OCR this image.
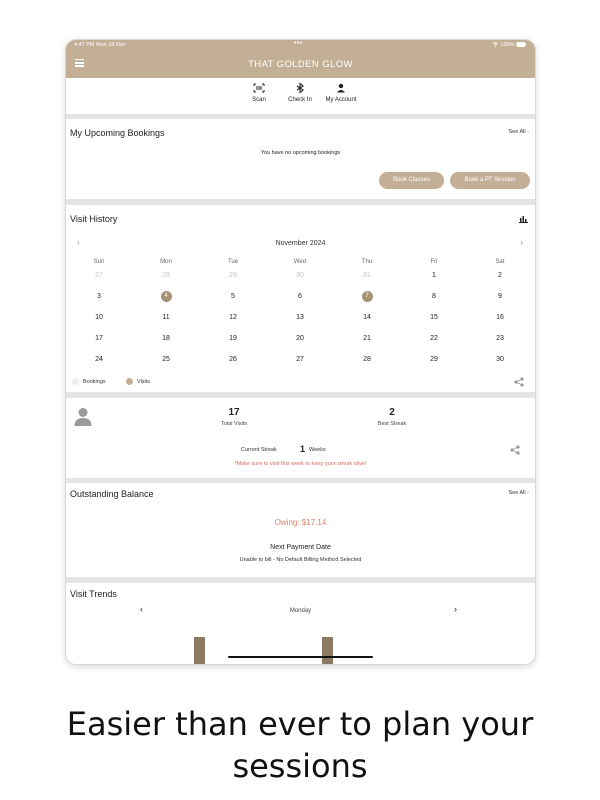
4:47 PM Mon 18 Nov	•••	100%
THAT GOLDEN GLOW
Scan	Check In	My Account
My Upcoming Bookings	See All ›
You have no upcoming bookings
Book Classes	Book a PT Session
Visit History
‹	November 2024	›
Sun	Mon	Tue	Wed	Thu	Fri	Sat
27	28	29	30	31	1	2
3	4	5	6	7	8	9
10	11	12	13	14	15	16
17	18	19	20	21	22	23
24	25	26	27	28	29	30
Bookings	Visits
17
Total Visits
2
Best Streak
Current Streak	1 Weeks
*Make sure to visit this week to keep your streak alive!
Outstanding Balance	See All ›
Owing: $17.14
Next Payment Date
Unable to bill - No Default Billing Method Selected
Visit Trends
‹	Monday	›
Easier than ever to plan your
sessions
